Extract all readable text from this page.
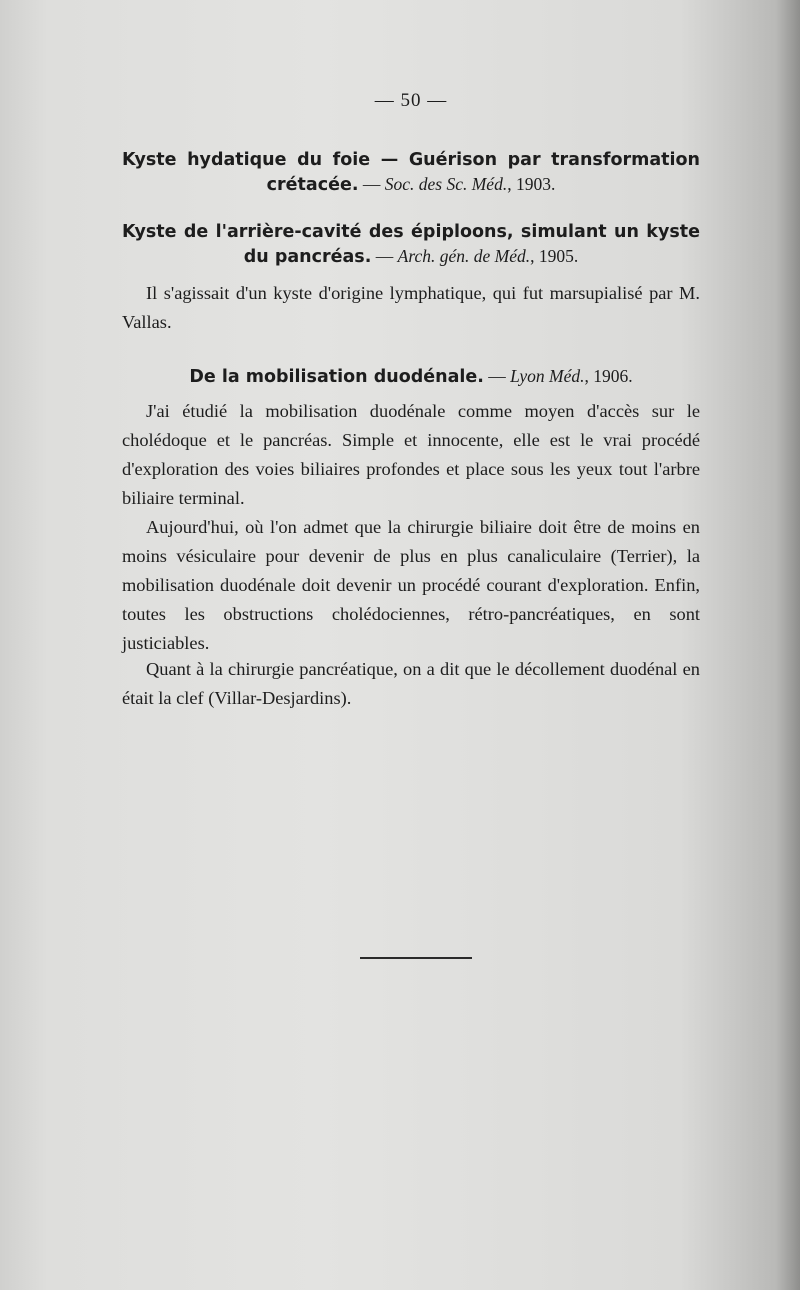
— 50 —
Kyste hydatique du foie — Guérison par transformation crétacée. — Soc. des Sc. Méd., 1903.
Kyste de l'arrière-cavité des épiploons, simulant un kyste du pancréas. — Arch. gén. de Méd., 1905.

Il s'agissait d'un kyste d'origine lymphatique, qui fut marsupialisé par M. Vallas.

De la mobilisation duodénale. — Lyon Méd., 1906.

J'ai étudié la mobilisation duodénale comme moyen d'accès sur le cholédoque et le pancréas. Simple et innocente, elle est le vrai procédé d'exploration des voies biliaires profondes et place sous les yeux tout l'arbre biliaire terminal.

Aujourd'hui, où l'on admet que la chirurgie biliaire doit être de moins en moins vésiculaire pour devenir de plus en plus canaliculaire (Terrier), la mobilisation duodénale doit devenir un procédé courant d'exploration. Enfin, toutes les obstructions cholédociennes, rétro-pancréatiques, en sont justiciables.

Quant à la chirurgie pancréatique, on a dit que le décollement duodénal en était la clef (Villar-Desjardins).
